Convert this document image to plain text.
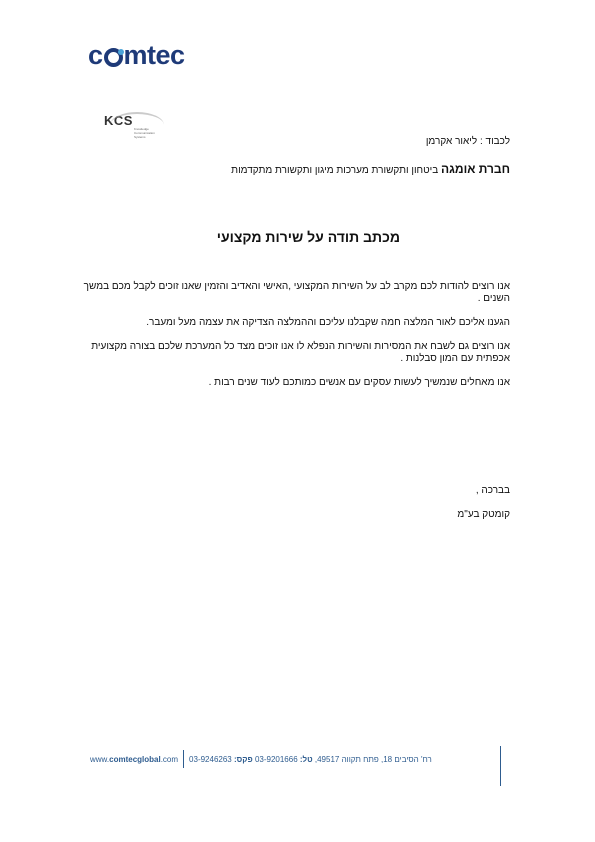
c mtec
KCS
Knowledge Communication Systems	לכבוד : ליאור אקרמן
חברת אומגה ביטחון ותקשורת מערכות מיגון ותקשורת מתקדמות
מכתב תודה על שירות מקצועי

אנו רוצים להודות לכם מקרב לב על השירות המקצועי ,האישי והאדיב והזמין שאנו זוכים לקבל מכם במשך השנים .

הגענו אליכם לאור המלצה חמה שקבלנו עליכם וההמלצה הצדיקה את עצמה מעל ומעבר.

אנו רוצים גם לשבח את המסירות והשירות הנפלא לו אנו זוכים מצד כל המערכת שלכם בצורה מקצועית אכפתית עם המון סבלנות .

אנו מאחלים שנמשיך לעשות עסקים עם אנשים כמותכם לעוד שנים רבות .

בברכה ,
קומטק בע"מ
www.comtecglobal.com	רח' הסיבים 18, פתח תקווה 49517, טל: 03-9201666 פקס: 03-9246263
